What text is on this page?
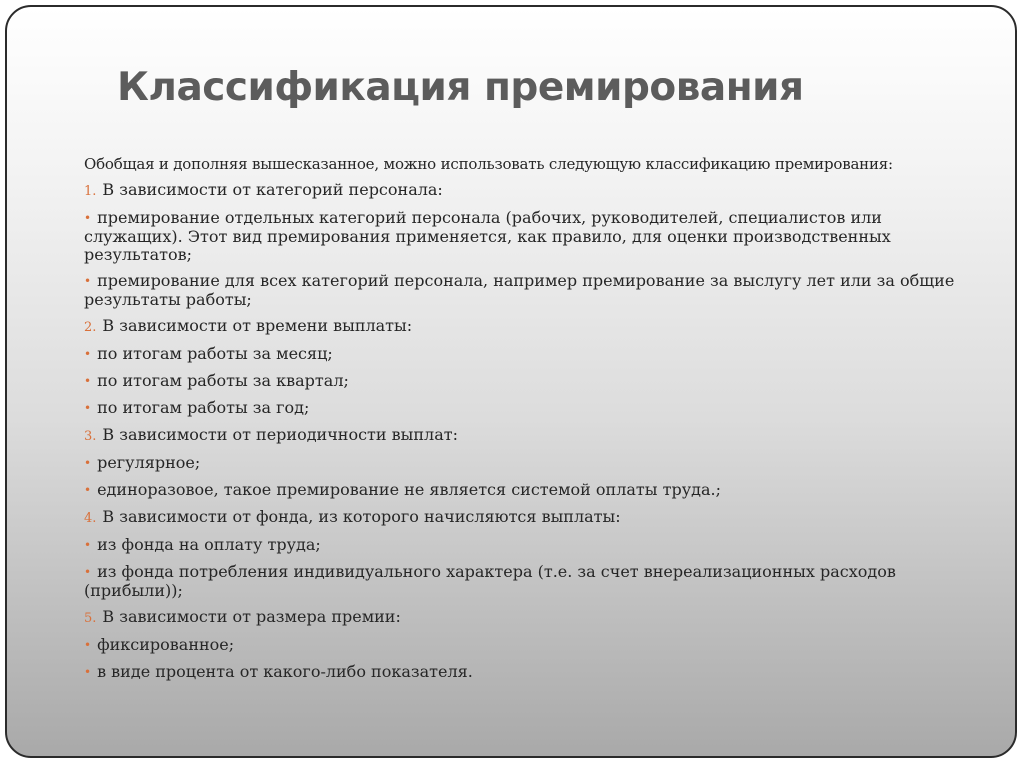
Классификация премирования
Обобщая и дополняя вышесказанное, можно использовать следующую классификацию премирования:
1. В зависимости от категорий персонала:
• премирование отдельных категорий персонала (рабочих, руководителей, специалистов или служащих). Этот вид премирования применяется, как правило, для оценки производственных результатов;
• премирование для всех категорий персонала, например премирование за выслугу лет или за общие результаты работы;
2. В зависимости от времени выплаты:
• по итогам работы за месяц;
• по итогам работы за квартал;
• по итогам работы за год;
3. В зависимости от периодичности выплат:
• регулярное;
• единоразовое, такое премирование не является системой оплаты труда.;
4. В зависимости от фонда, из которого начисляются выплаты:
• из фонда на оплату труда;
• из фонда потребления индивидуального характера (т.е. за счет внереализационных расходов (прибыли));
5. В зависимости от размера премии:
• фиксированное;
• в виде процента от какого-либо показателя.
